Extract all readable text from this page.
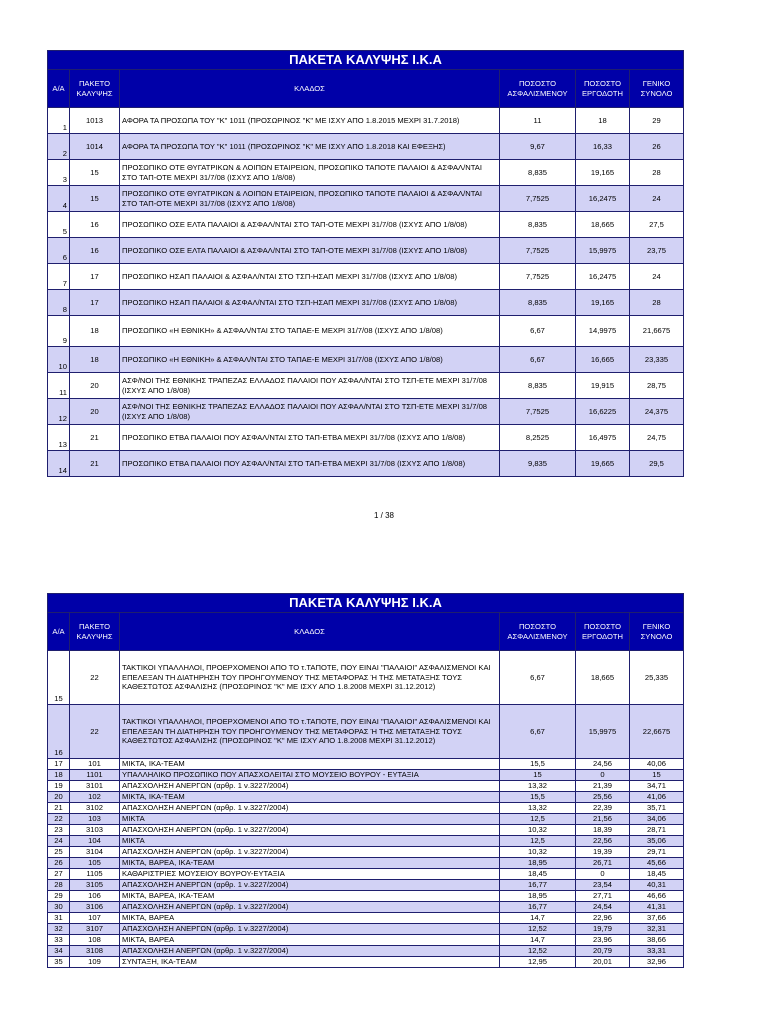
ΠΑΚΕΤΑ ΚΑΛΥΨΗΣ Ι.Κ.Α					
Α/Α	ΠΑΚΕΤΟ ΚΑΛΥΨΗΣ	ΚΛΑΔΟΣ	ΠΟΣΟΣΤΟ ΑΣΦΑΛΙΣΜΕΝΟΥ	ΠΟΣΟΣΤΟ ΕΡΓΟΔΟΤΗ	ΓΕΝΙΚΟ ΣΥΝΟΛΟ
1	1013	ΑΦΟΡΑ ΤΑ ΠΡΟΣΩΠΑ ΤΟΥ "Κ" 1011 (ΠΡΟΣΩΡΙΝΟΣ "Κ" ΜΕ ΙΣΧΥ ΑΠΟ 1.8.2015 ΜΕΧΡΙ 31.7.2018)	11	18	29
2	1014	ΑΦΟΡΑ ΤΑ ΠΡΟΣΩΠΑ ΤΟΥ "Κ" 1011 (ΠΡΟΣΩΡΙΝΟΣ "Κ" ΜΕ ΙΣΧΥ ΑΠΟ 1.8.2018 ΚΑΙ ΕΦΕΞΗΣ)	9,67	16,33	26
3	15	ΠΡΟΣΩΠΙΚΟ ΟΤΕ ΘΥΓΑΤΡΙΚΩΝ & ΛΟΙΠΩΝ ΕΤΑΙΡΕΙΩΝ, ΠΡΟΣΩΠΙΚΟ ΤΑΠΟΤΕ ΠΑΛΑΙΟΙ & ΑΣΦΑΛ/ΝΤΑΙ ΣΤΟ ΤΑΠ-ΟΤΕ ΜΕΧΡΙ 31/7/08 (ΙΣΧΥΣ ΑΠΟ 1/8/08)	8,835	19,165	28
4	15	ΠΡΟΣΩΠΙΚΟ ΟΤΕ ΘΥΓΑΤΡΙΚΩΝ & ΛΟΙΠΩΝ ΕΤΑΙΡΕΙΩΝ, ΠΡΟΣΩΠΙΚΟ ΤΑΠΟΤΕ ΠΑΛΑΙΟΙ & ΑΣΦΑΛ/ΝΤΑΙ ΣΤΟ ΤΑΠ-ΟΤΕ ΜΕΧΡΙ 31/7/08 (ΙΣΧΥΣ ΑΠΟ 1/8/08)	7,7525	16,2475	24
5	16	ΠΡΟΣΩΠΙΚΟ ΟΣΕ ΕΛΤΑ ΠΑΛΑΙΟΙ & ΑΣΦΑΛ/ΝΤΑΙ ΣΤΟ ΤΑΠ-ΟΤΕ ΜΕΧΡΙ 31/7/08 (ΙΣΧΥΣ ΑΠΟ 1/8/08)	8,835	18,665	27,5
6	16	ΠΡΟΣΩΠΙΚΟ ΟΣΕ ΕΛΤΑ ΠΑΛΑΙΟΙ & ΑΣΦΑΛ/ΝΤΑΙ ΣΤΟ ΤΑΠ-ΟΤΕ ΜΕΧΡΙ 31/7/08 (ΙΣΧΥΣ ΑΠΟ 1/8/08)	7,7525	15,9975	23,75
7	17	ΠΡΟΣΩΠΙΚΟ ΗΣΑΠ ΠΑΛΑΙΟΙ & ΑΣΦΑΛ/ΝΤΑΙ ΣΤΟ ΤΣΠ-ΗΣΑΠ ΜΕΧΡΙ 31/7/08 (ΙΣΧΥΣ ΑΠΟ 1/8/08)	7,7525	16,2475	24
8	17	ΠΡΟΣΩΠΙΚΟ ΗΣΑΠ ΠΑΛΑΙΟΙ & ΑΣΦΑΛ/ΝΤΑΙ ΣΤΟ ΤΣΠ-ΗΣΑΠ ΜΕΧΡΙ 31/7/08 (ΙΣΧΥΣ ΑΠΟ 1/8/08)	8,835	19,165	28
9	18	ΠΡΟΣΩΠΙΚΟ «Η ΕΘΝΙΚΗ» & ΑΣΦΑΛ/ΝΤΑΙ ΣΤΟ ΤΑΠΑΕ-Ε ΜΕΧΡΙ 31/7/08 (ΙΣΧΥΣ ΑΠΟ 1/8/08)	6,67	14,9975	21,6675
10	18	ΠΡΟΣΩΠΙΚΟ «Η ΕΘΝΙΚΗ» & ΑΣΦΑΛ/ΝΤΑΙ ΣΤΟ ΤΑΠΑΕ-Ε ΜΕΧΡΙ 31/7/08 (ΙΣΧΥΣ ΑΠΟ 1/8/08)	6,67	16,665	23,335
11	20	ΑΣΦ/ΝΟΙ ΤΗΣ ΕΘΝΙΚΗΣ ΤΡΑΠΕΖΑΣ ΕΛΛΑΔΟΣ ΠΑΛΑΙΟΙ ΠΟΥ ΑΣΦΑΛ/ΝΤΑΙ ΣΤΟ ΤΣΠ-ΕΤΕ ΜΕΧΡΙ 31/7/08 (ΙΣΧΥΣ ΑΠΟ 1/8/08)	8,835	19,915	28,75
12	20	ΑΣΦ/ΝΟΙ ΤΗΣ ΕΘΝΙΚΗΣ ΤΡΑΠΕΖΑΣ ΕΛΛΑΔΟΣ ΠΑΛΑΙΟΙ ΠΟΥ ΑΣΦΑΛ/ΝΤΑΙ ΣΤΟ ΤΣΠ-ΕΤΕ ΜΕΧΡΙ 31/7/08 (ΙΣΧΥΣ ΑΠΟ 1/8/08)	7,7525	16,6225	24,375
13	21	ΠΡΟΣΩΠΙΚΟ ΕΤΒΑ ΠΑΛΑΙΟΙ ΠΟΥ ΑΣΦΑΛ/ΝΤΑΙ ΣΤΟ ΤΑΠ-ΕΤΒΑ ΜΕΧΡΙ 31/7/08 (ΙΣΧΥΣ ΑΠΟ 1/8/08)	8,2525	16,4975	24,75
14	21	ΠΡΟΣΩΠΙΚΟ ΕΤΒΑ ΠΑΛΑΙΟΙ ΠΟΥ ΑΣΦΑΛ/ΝΤΑΙ ΣΤΟ ΤΑΠ-ΕΤΒΑ ΜΕΧΡΙ 31/7/08 (ΙΣΧΥΣ ΑΠΟ 1/8/08)	9,835	19,665	29,5
1 / 38
ΠΑΚΕΤΑ ΚΑΛΥΨΗΣ Ι.Κ.Α					
Α/Α	ΠΑΚΕΤΟ ΚΑΛΥΨΗΣ	ΚΛΑΔΟΣ	ΠΟΣΟΣΤΟ ΑΣΦΑΛΙΣΜΕΝΟΥ	ΠΟΣΟΣΤΟ ΕΡΓΟΔΟΤΗ	ΓΕΝΙΚΟ ΣΥΝΟΛΟ
15	22	ΤΑΚΤΙΚΟΙ ΥΠΑΛΛΗΛΟΙ, ΠΡΟΕΡΧΟΜΕΝΟΙ ΑΠΟ ΤΟ τ.ΤΑΠΟΤΕ, ΠΟΥ ΕΙΝΑΙ "ΠΑΛΑΙΟΙ" ΑΣΦΑΛΙΣΜΕΝΟΙ ΚΑΙ ΕΠΕΛΕΞΑΝ ΤΗ ΔΙΑΤΗΡΗΣΗ ΤΟΥ ΠΡΟΗΓΟΥΜΕΝΟΥ ΤΗΣ ΜΕΤΑΦΟΡΑΣ Ή ΤΗΣ ΜΕΤΑΤΑΞΗΣ ΤΟΥΣ ΚΑΘΕΣΤΩΤΟΣ ΑΣΦΑΛΙΣΗΣ (ΠΡΟΣΩΡΙΝΟΣ "Κ" ΜΕ ΙΣΧΥ ΑΠΟ 1.8.2008 ΜΕΧΡΙ 31.12.2012)	6,67	18,665	25,335
16	22	ΤΑΚΤΙΚΟΙ ΥΠΑΛΛΗΛΟΙ, ΠΡΟΕΡΧΟΜΕΝΟΙ ΑΠΟ ΤΟ τ.ΤΑΠΟΤΕ, ΠΟΥ ΕΙΝΑΙ "ΠΑΛΑΙΟΙ" ΑΣΦΑΛΙΣΜΕΝΟΙ ΚΑΙ ΕΠΕΛΕΞΑΝ ΤΗ ΔΙΑΤΗΡΗΣΗ ΤΟΥ ΠΡΟΗΓΟΥΜΕΝΟΥ ΤΗΣ ΜΕΤΑΦΟΡΑΣ Ή ΤΗΣ ΜΕΤΑΤΑΞΗΣ ΤΟΥΣ ΚΑΘΕΣΤΩΤΟΣ ΑΣΦΑΛΙΣΗΣ (ΠΡΟΣΩΡΙΝΟΣ "Κ" ΜΕ ΙΣΧΥ ΑΠΟ 1.8.2008 ΜΕΧΡΙ 31.12.2012)	6,67	15,9975	22,6675
17	101	ΜΙΚΤΑ, ΙΚΑ-TEAM	15,5	24,56	40,06
18	1101	ΥΠΑΛΛΗΛΙΚΟ ΠΡΟΣΩΠΙΚΟ ΠΟΥ ΑΠΑΣΧΟΛΕΙΤΑΙ ΣΤΟ ΜΟΥΣΕΙΟ ΒΟΥΡΟΥ - ΕΥΤΑΞΙΑ	15	0	15
19	3101	ΑΠΑΣΧΟΛΗΣΗ ΑΝΕΡΓΩΝ (αρθρ. 1 ν.3227/2004)	13,32	21,39	34,71
20	102	ΜΙΚΤΑ, ΙΚΑ-TEAM	15,5	25,56	41,06
21	3102	ΑΠΑΣΧΟΛΗΣΗ ΑΝΕΡΓΩΝ (αρθρ. 1 ν.3227/2004)	13,32	22,39	35,71
22	103	ΜΙΚΤΑ	12,5	21,56	34,06
23	3103	ΑΠΑΣΧΟΛΗΣΗ ΑΝΕΡΓΩΝ (αρθρ. 1 ν.3227/2004)	10,32	18,39	28,71
24	104	ΜΙΚΤΑ	12,5	22,56	35,06
25	3104	ΑΠΑΣΧΟΛΗΣΗ ΑΝΕΡΓΩΝ (αρθρ. 1 ν.3227/2004)	10,32	19,39	29,71
26	105	ΜΙΚΤΑ, ΒΑΡΕΑ, ΙΚΑ-TEAM	18,95	26,71	45,66
27	1105	ΚΑΘΑΡΙΣΤΡΙΕΣ ΜΟΥΣΕΙΟΥ ΒΟΥΡΟΥ-ΕΥΤΑΞΙΑ	18,45	0	18,45
28	3105	ΑΠΑΣΧΟΛΗΣΗ ΑΝΕΡΓΩΝ (αρθρ. 1 ν.3227/2004)	16,77	23,54	40,31
29	106	ΜΙΚΤΑ, ΒΑΡΕΑ, ΙΚΑ-TEAM	18,95	27,71	46,66
30	3106	ΑΠΑΣΧΟΛΗΣΗ ΑΝΕΡΓΩΝ (αρθρ. 1 ν.3227/2004)	16,77	24,54	41,31
31	107	ΜΙΚΤΑ, ΒΑΡΕΑ	14,7	22,96	37,66
32	3107	ΑΠΑΣΧΟΛΗΣΗ ΑΝΕΡΓΩΝ (αρθρ. 1 ν.3227/2004)	12,52	19,79	32,31
33	108	ΜΙΚΤΑ, ΒΑΡΕΑ	14,7	23,96	38,66
34	3108	ΑΠΑΣΧΟΛΗΣΗ ΑΝΕΡΓΩΝ (αρθρ. 1 ν.3227/2004)	12,52	20,79	33,31
35	109	ΣΥΝΤΑΞΗ, ΙΚΑ-TEAM	12,95	20,01	32,96
